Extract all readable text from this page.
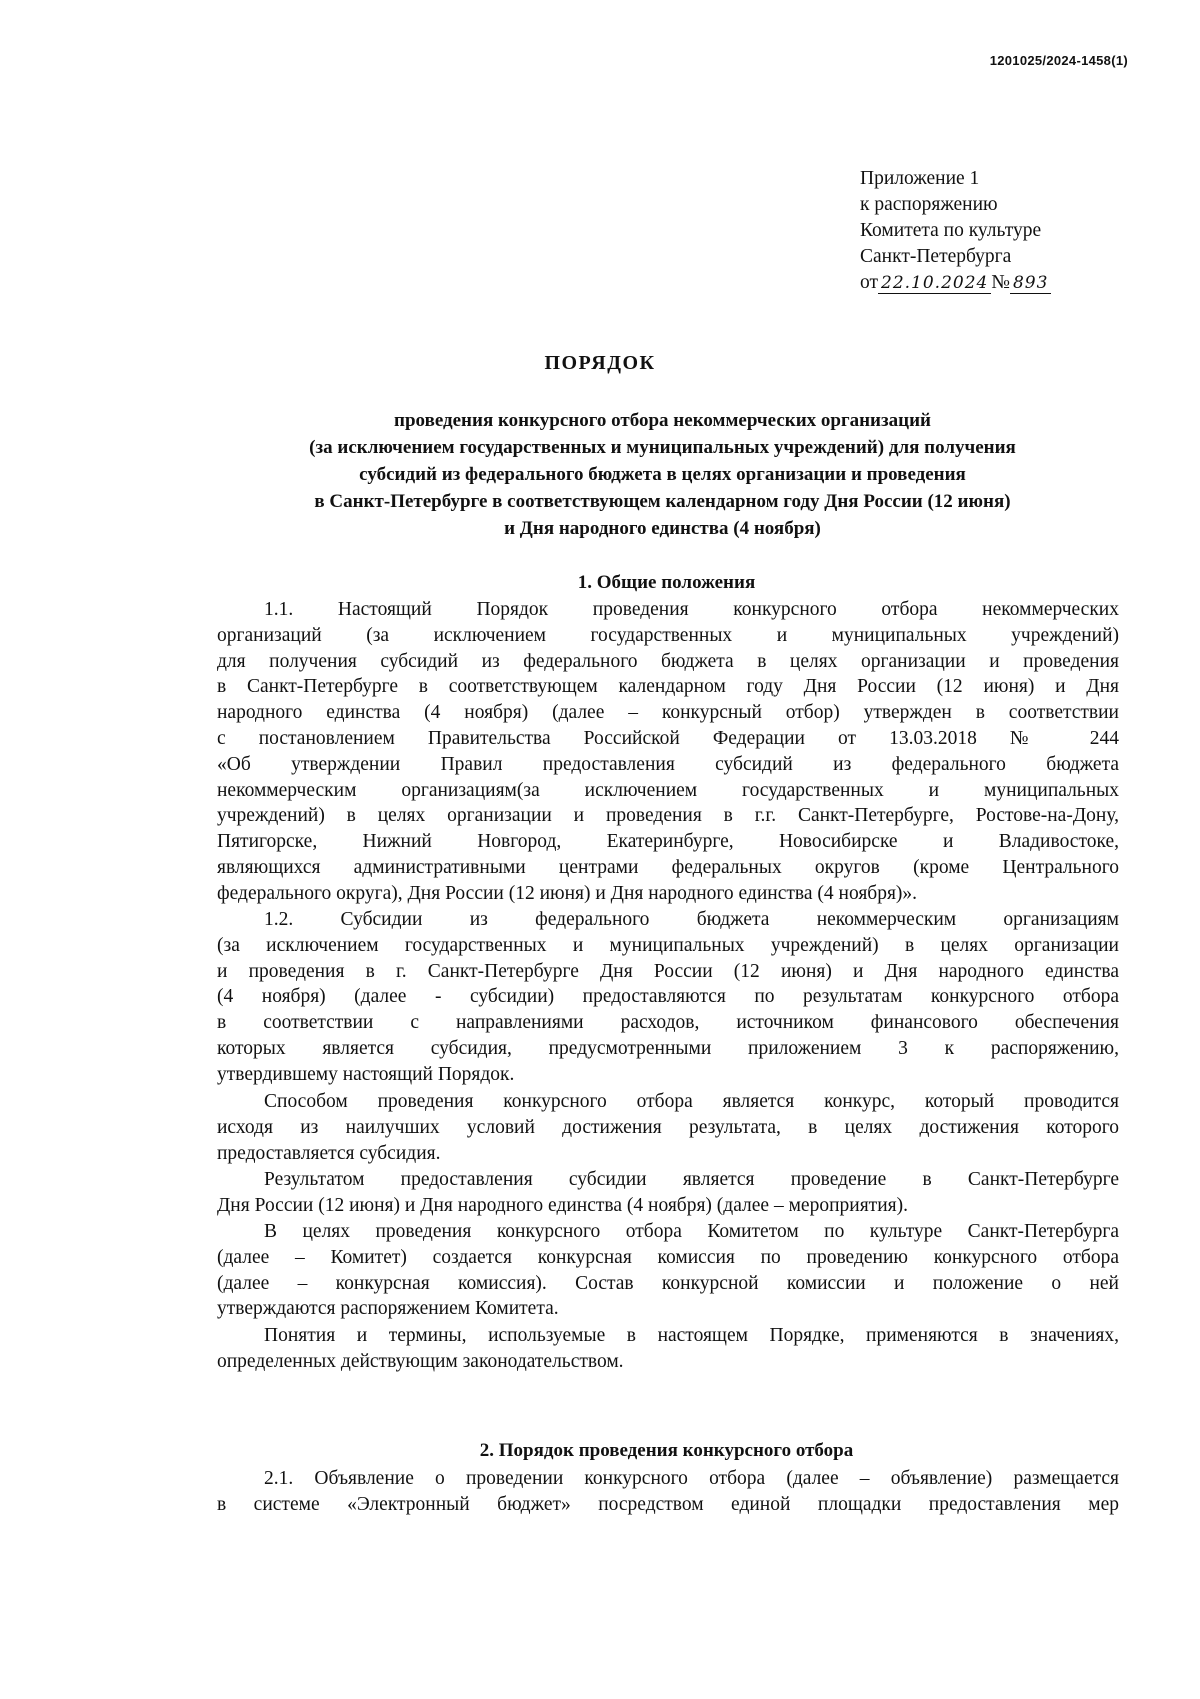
1201025/2024-1458(1)
Приложение 1
к распоряжению
Комитета по культуре
Санкт-Петербурга
от 22.10.2024 № 893
ПОРЯДОК
проведения конкурсного отбора некоммерческих организаций
(за исключением государственных и муниципальных учреждений) для получения
субсидий из федерального бюджета в целях организации и проведения
в Санкт-Петербурге в соответствующем календарном году Дня России (12 июня)
и Дня народного единства (4 ноября)
1. Общие положения
1.1. Настоящий Порядок проведения конкурсного отбора некоммерческих
организаций (за исключением государственных и муниципальных учреждений)
для получения субсидий из федерального бюджета в целях организации и проведения
в Санкт-Петербурге в соответствующем календарном году Дня России (12 июня) и Дня
народного единства (4 ноября) (далее – конкурсный отбор) утвержден в соответствии
с постановлением Правительства Российской Федерации от 13.03.2018 № 244
«Об утверждении Правил предоставления субсидий из федерального бюджета
некоммерческим организациям(за исключением государственных и муниципальных
учреждений) в целях организации и проведения в г.г. Санкт-Петербурге, Ростове-на-Дону,
Пятигорске, Нижний Новгород, Екатеринбурге, Новосибирске и Владивостоке,
являющихся административными центрами федеральных округов (кроме Центрального
федерального округа), Дня России (12 июня) и Дня народного единства (4 ноября)».
1.2. Субсидии из федерального бюджета некоммерческим организациям
(за исключением государственных и муниципальных учреждений) в целях организации
и проведения в г. Санкт-Петербурге Дня России (12 июня) и Дня народного единства
(4 ноября) (далее - субсидии) предоставляются по результатам конкурсного отбора
в соответствии с направлениями расходов, источником финансового обеспечения
которых является субсидия, предусмотренными приложением 3 к распоряжению,
утвердившему настоящий Порядок.
Способом проведения конкурсного отбора является конкурс, который проводится
исходя из наилучших условий достижения результата, в целях достижения которого
предоставляется субсидия.
Результатом предоставления субсидии является проведение в Санкт-Петербурге
Дня России (12 июня) и Дня народного единства (4 ноября) (далее – мероприятия).
В целях проведения конкурсного отбора Комитетом по культуре Санкт-Петербурга
(далее – Комитет) создается конкурсная комиссия по проведению конкурсного отбора
(далее – конкурсная комиссия). Состав конкурсной комиссии и положение о ней
утверждаются распоряжением Комитета.
Понятия и термины, используемые в настоящем Порядке, применяются в значениях,
определенных действующим законодательством.
2. Порядок проведения конкурсного отбора
2.1. Объявление о проведении конкурсного отбора (далее – объявление) размещается
в системе «Электронный бюджет» посредством единой площадки предоставления мер
